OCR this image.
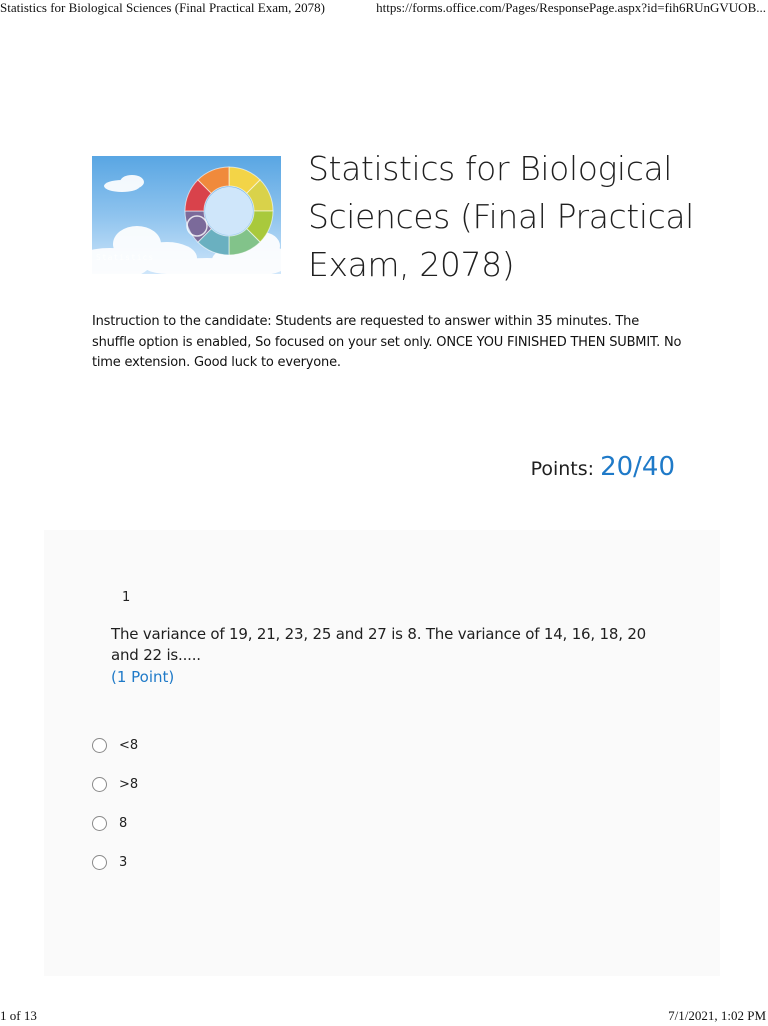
Statistics for Biological Sciences (Final Practical Exam, 2078)	https://forms.office.com/Pages/ResponsePage.aspx?id=fih6RUnGVUOB...
Statistics
Statistics for Biological Sciences (Final Practical Exam, 2078)
Instruction to the candidate: Students are requested to answer within 35 minutes. The shuffle option is enabled, So focused on your set only. ONCE YOU FINISHED THEN SUBMIT. No time extension. Good luck to everyone.
Points: 20/40
1
The variance of 19, 21, 23, 25 and 27 is 8. The variance of 14, 16, 18, 20 and 22 is.....
(1 Point)
<8
>8
8
3
1 of 13	7/1/2021, 1:02 PM
